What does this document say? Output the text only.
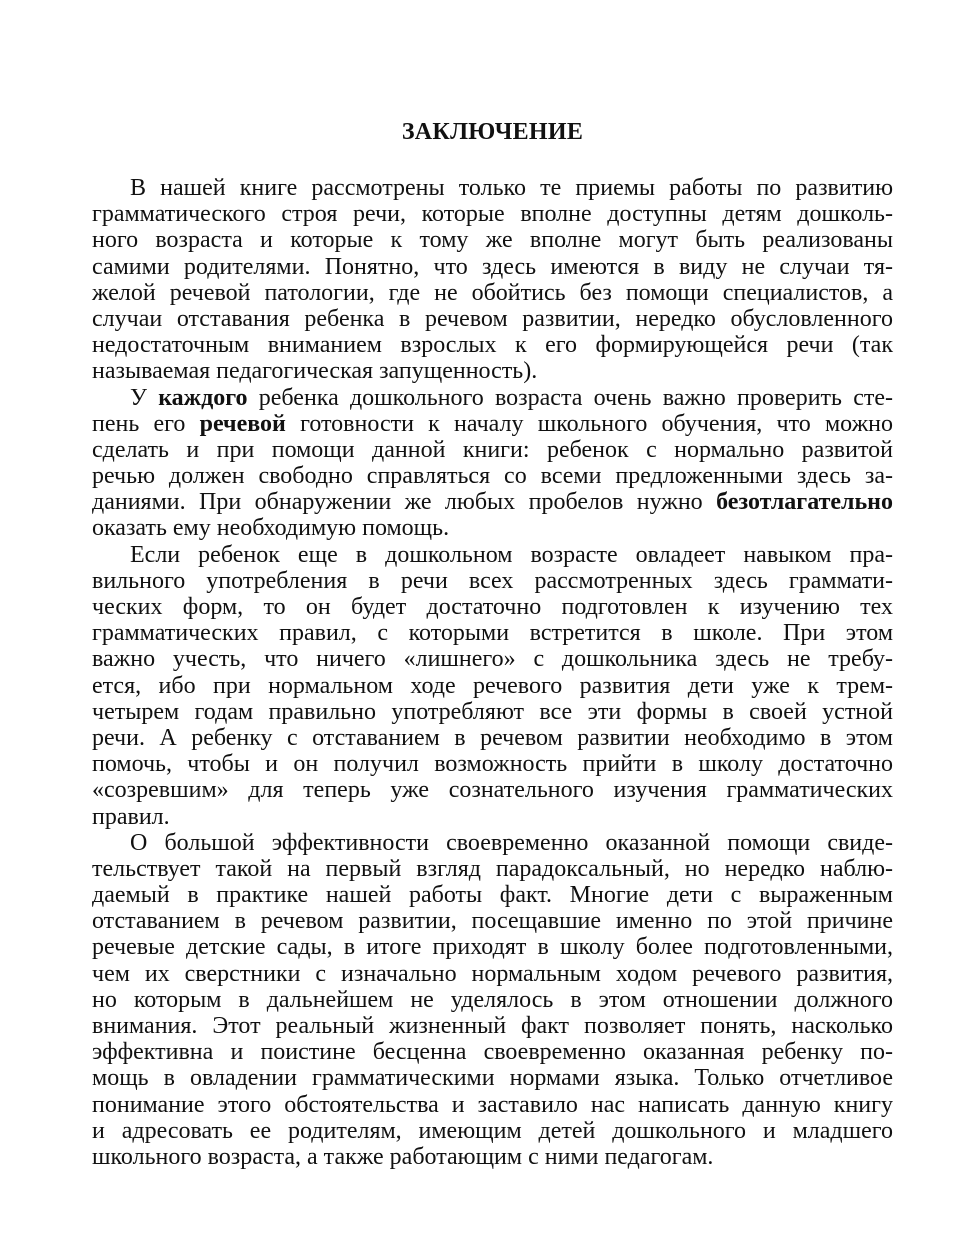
ЗАКЛЮЧЕНИЕ
В нашей книге рассмотрены только те приемы работы по развитию
грамматического строя речи, которые вполне доступны детям дошколь-
ного возраста и которые к тому же вполне могут быть реализованы
самими родителями. Понятно, что здесь имеются в виду не случаи тя-
желой речевой патологии, где не обойтись без помощи специалистов, а
случаи отставания ребенка в речевом развитии, нередко обусловленного
недостаточным вниманием взрослых к его формирующейся речи (так
называемая педагогическая запущенность).
У каждого ребенка дошкольного возраста очень важно проверить сте-
пень его речевой готовности к началу школьного обучения, что можно
сделать и при помощи данной книги: ребенок с нормально развитой
речью должен свободно справляться со всеми предложенными здесь за-
даниями. При обнаружении же любых пробелов нужно безотлагательно
оказать ему необходимую помощь.
Если ребенок еще в дошкольном возрасте овладеет навыком пра-
вильного употребления в речи всех рассмотренных здесь граммати-
ческих форм, то он будет достаточно подготовлен к изучению тех
грамматических правил, с которыми встретится в школе. При этом
важно учесть, что ничего «лишнего» с дошкольника здесь не требу-
ется, ибо при нормальном ходе речевого развития дети уже к трем-
четырем годам правильно употребляют все эти формы в своей устной
речи. А ребенку с отставанием в речевом развитии необходимо в этом
помочь, чтобы и он получил возможность прийти в школу достаточно
«созревшим» для теперь уже сознательного изучения грамматических
правил.
О большой эффективности своевременно оказанной помощи свиде-
тельствует такой на первый взгляд парадоксальный, но нередко наблю-
даемый в практике нашей работы факт. Многие дети с выраженным
отставанием в речевом развитии, посещавшие именно по этой причине
речевые детские сады, в итоге приходят в школу более подготовленными,
чем их сверстники с изначально нормальным ходом речевого развития,
но которым в дальнейшем не уделялось в этом отношении должного
внимания. Этот реальный жизненный факт позволяет понять, насколько
эффективна и поистине бесценна своевременно оказанная ребенку по-
мощь в овладении грамматическими нормами языка. Только отчетливое
понимание этого обстоятельства и заставило нас написать данную книгу
и адресовать ее родителям, имеющим детей дошкольного и младшего
школьного возраста, а также работающим с ними педагогам.
